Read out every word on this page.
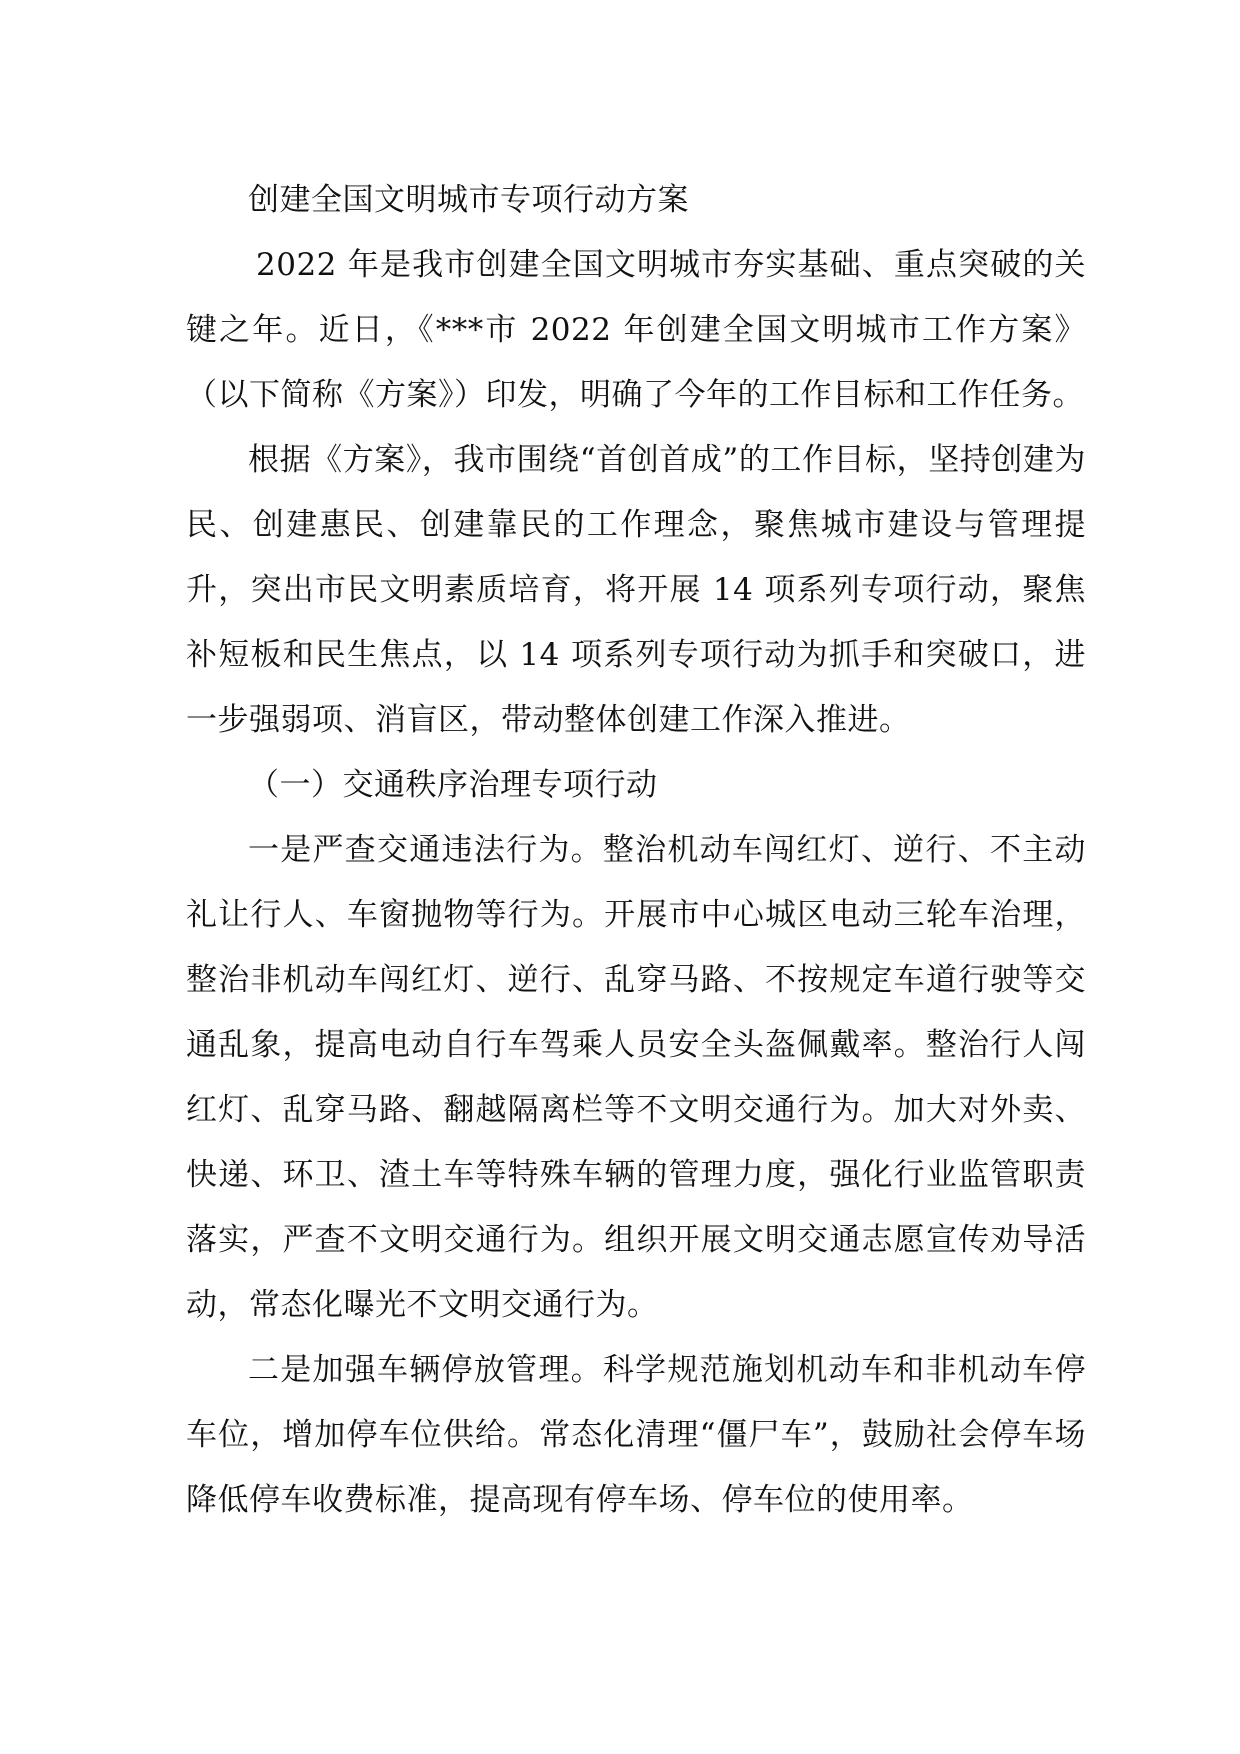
创建全国文明城市专项行动方案

2022 年是我市创建全国文明城市夯实基础、重点突破的关键之年。近日，《***市 2022 年创建全国文明城市工作方案》（以下简称《方案》）印发，明确了今年的工作目标和工作任务。

根据《方案》，我市围绕“首创首成”的工作目标，坚持创建为民、创建惠民、创建靠民的工作理念，聚焦城市建设与管理提升，突出市民文明素质培育，将开展 14 项系列专项行动，聚焦补短板和民生焦点，以 14 项系列专项行动为抓手和突破口，进一步强弱项、消盲区，带动整体创建工作深入推进。

（一）交通秩序治理专项行动

一是严查交通违法行为。整治机动车闯红灯、逆行、不主动礼让行人、车窗抛物等行为。开展市中心城区电动三轮车治理，整治非机动车闯红灯、逆行、乱穿马路、不按规定车道行驶等交通乱象，提高电动自行车驾乘人员安全头盔佩戴率。整治行人闯红灯、乱穿马路、翻越隔离栏等不文明交通行为。加大对外卖、快递、环卫、渣土车等特殊车辆的管理力度，强化行业监管职责落实，严查不文明交通行为。组织开展文明交通志愿宣传劝导活动，常态化曝光不文明交通行为。

二是加强车辆停放管理。科学规范施划机动车和非机动车停车位，增加停车位供给。常态化清理“僵尸车”，鼓励社会停车场降低停车收费标准，提高现有停车场、停车位的使用率。
